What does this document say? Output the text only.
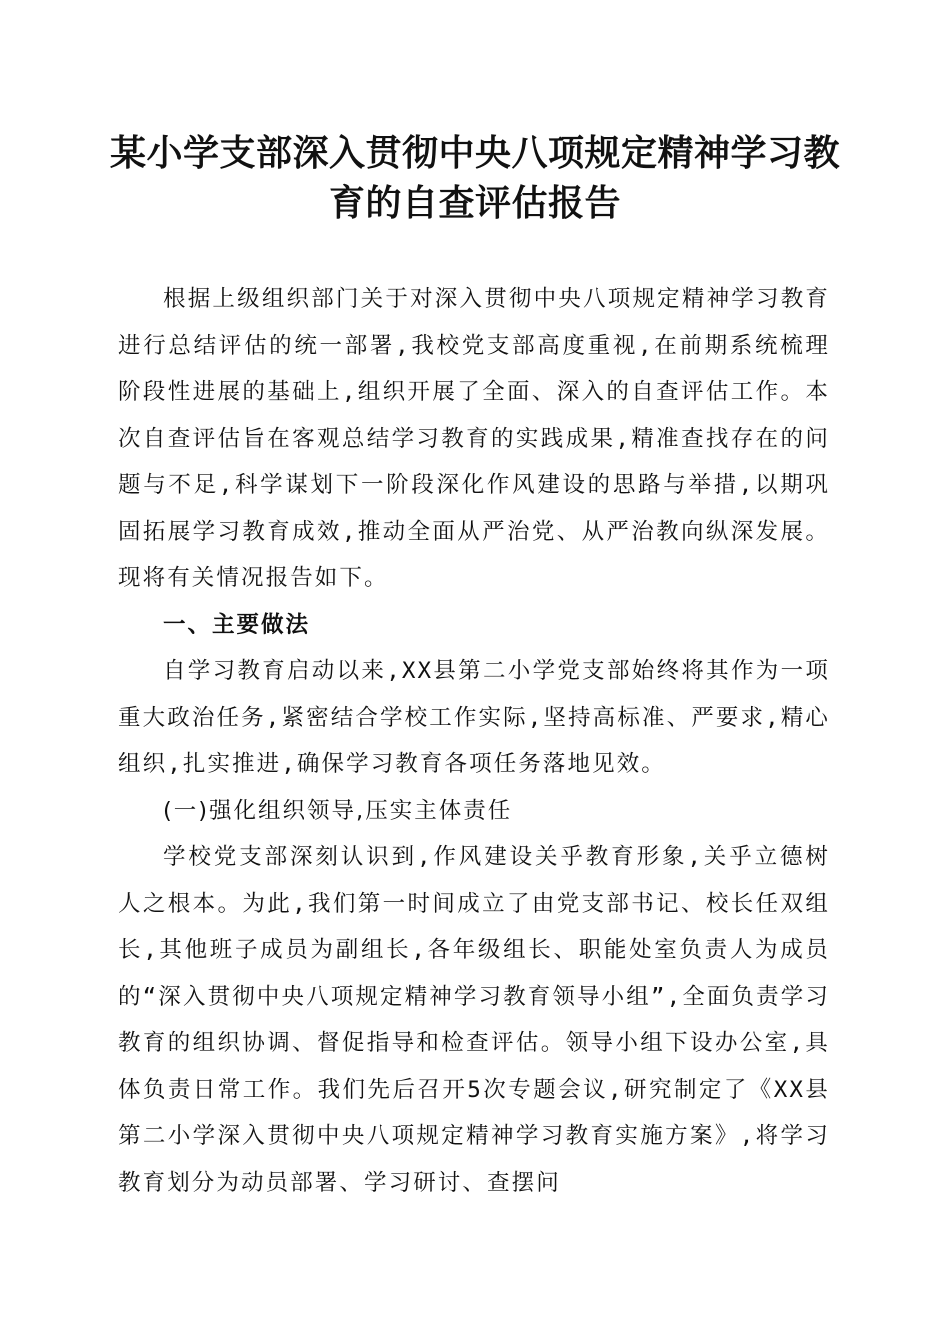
某小学支部深入贯彻中央八项规定精神学习教
育的自查评估报告

根据上级组织部门关于对深入贯彻中央八项规定精神学习教育进行总结评估的统一部署,我校党支部高度重视,在前期系统梳理阶段性进展的基础上,组织开展了全面、深入的自查评估工作。本次自查评估旨在客观总结学习教育的实践成果,精准查找存在的问题与不足,科学谋划下一阶段深化作风建设的思路与举措,以期巩固拓展学习教育成效,推动全面从严治党、从严治教向纵深发展。现将有关情况报告如下。

一、主要做法

自学习教育启动以来,XX县第二小学党支部始终将其作为一项重大政治任务,紧密结合学校工作实际,坚持高标准、严要求,精心组织,扎实推进,确保学习教育各项任务落地见效。

(一)强化组织领导,压实主体责任

学校党支部深刻认识到,作风建设关乎教育形象,关乎立德树人之根本。为此,我们第一时间成立了由党支部书记、校长任双组长,其他班子成员为副组长,各年级组长、职能处室负责人为成员的“深入贯彻中央八项规定精神学习教育领导小组”,全面负责学习教育的组织协调、督促指导和检查评估。领导小组下设办公室,具体负责日常工作。我们先后召开5次专题会议,研究制定了《XX县第二小学深入贯彻中央八项规定精神学习教育实施方案》,将学习教育划分为动员部署、学习研讨、查摆问
